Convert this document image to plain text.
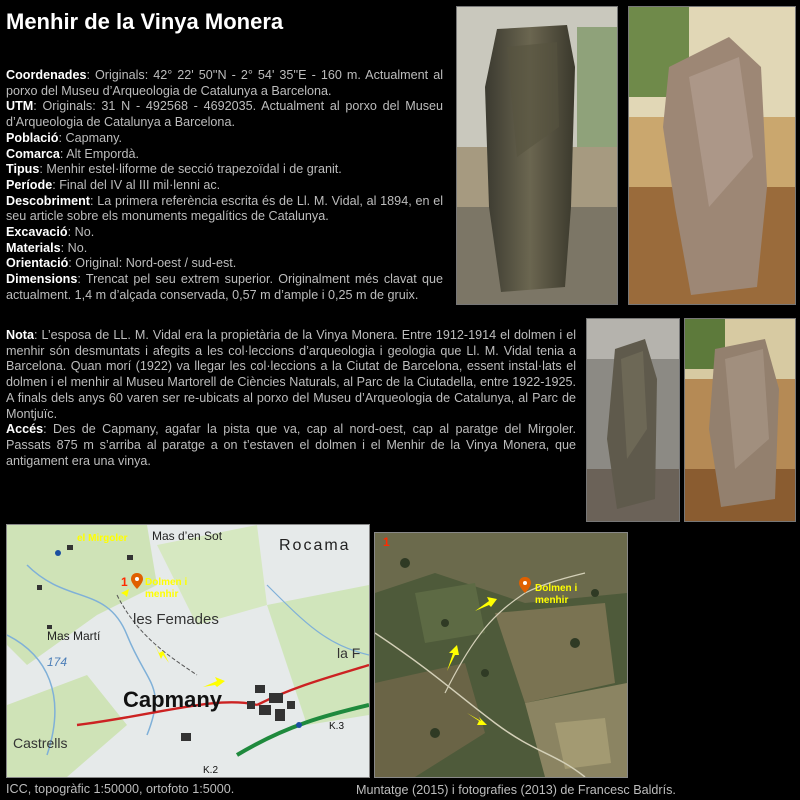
Menhir de la Vinya Monera

Coordenades: Originals: 42° 22' 50''N - 2° 54' 35''E - 160 m. Actualment al porxo del Museu d’Arqueologia de Catalunya a Barcelona.

UTM: Originals: 31 N - 492568 - 4692035. Actualment al porxo del Museu d’Arqueologia de Catalunya a Barcelona.

Població: Capmany.

Comarca: Alt Empordà.

Tipus: Menhir estel·liforme de secció trapezoïdal i de granit.

Període: Final del IV al III mil·lenni ac.

Descobriment: La primera referència escrita és de Ll. M. Vidal, al 1894, en el seu article sobre els monuments megalítics de Catalunya.

Excavació: No.

Materials: No.

Orientació: Original: Nord-oest / sud-est.

Dimensions: Trencat pel seu extrem superior. Originalment més clavat que actualment. 1,4 m d’alçada conservada, 0,57 m d’ample i 0,25 m de gruix.

Nota: L’esposa de LL. M. Vidal era la propietària de la Vinya Monera. Entre 1912-1914 el dolmen i el menhir són desmuntats i afegits a les col·leccions d’arqueologia i geologia que Ll. M. Vidal tenia a Barcelona. Quan morí (1922) va llegar les col·leccions a la Ciutat de Barcelona, essent instal·lats el dolmen i el menhir al Museu Martorell de Ciències Naturals, al Parc de la Ciutadella, entre 1922-1925. A finals dels anys 60 varen ser re-ubicats al porxo del Museu d’Arqueologia de Catalunya, al Parc de Montjuïc.

Accés: Des de Capmany, agafar la pista que va, cap al nord-oest, cap al paratge del Mirgoler. Passats 875 m s’arriba al paratge a on t’estaven el dolmen i el Menhir de la Vinya Monera, que antigament era una vinya.

el Mirgoler Mas d’en Sot
Rocama
1 Dolmen i
menhir
les Femades
Mas Martí
174
la F
Capmany
Castrells
K.3
K.2
1
Dolmen i
menhir
ICC, topogràfic 1:50000, ortofoto 1:5000.	Muntatge (2015) i fotografies (2013) de Francesc Baldrís.
